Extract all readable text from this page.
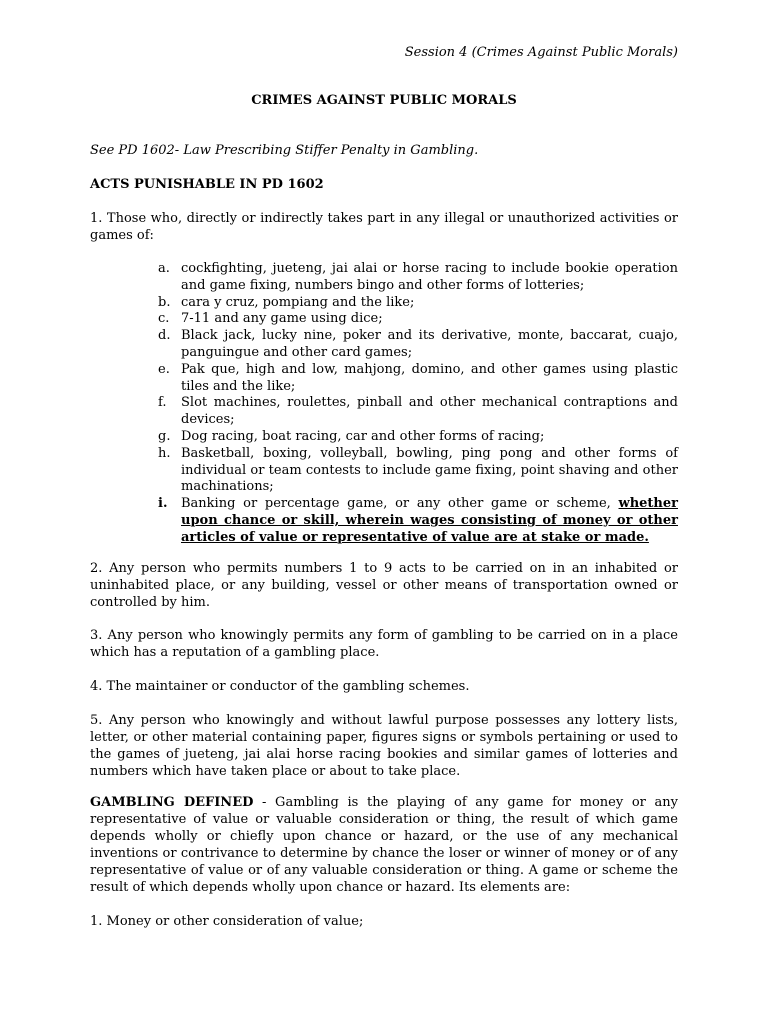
Session 4 (Crimes Against Public Morals)
CRIMES AGAINST PUBLIC MORALS
See PD 1602- Law Prescribing Stiffer Penalty in Gambling.
ACTS PUNISHABLE IN PD 1602
1. Those who, directly or indirectly takes part in any illegal or unauthorized activities or games of:
a. cockfighting, jueteng, jai alai or horse racing to include bookie operation and game fixing, numbers bingo and other forms of lotteries;
b. cara y cruz, pompiang and the like;
c. 7-11 and any game using dice;
d. Black jack, lucky nine, poker and its derivative, monte, baccarat, cuajo, panguingue and other card games;
e. Pak que, high and low, mahjong, domino, and other games using plastic tiles and the like;
f. Slot machines, roulettes, pinball and other mechanical contraptions and devices;
g. Dog racing, boat racing, car and other forms of racing;
h. Basketball, boxing, volleyball, bowling, ping pong and other forms of individual or team contests to include game fixing, point shaving and other machinations;
i. Banking or percentage game, or any other game or scheme, whether upon chance or skill, wherein wages consisting of money or other articles of value or representative of value are at stake or made.
2. Any person who permits numbers 1 to 9 acts to be carried on in an inhabited or uninhabited place, or any building, vessel or other means of transportation owned or controlled by him.
3. Any person who knowingly permits any form of gambling to be carried on in a place which has a reputation of a gambling place.
4. The maintainer or conductor of the gambling schemes.
5. Any person who knowingly and without lawful purpose possesses any lottery lists, letter, or other material containing paper, figures signs or symbols pertaining or used to the games of jueteng, jai alai horse racing bookies and similar games of lotteries and numbers which have taken place or about to take place.
GAMBLING DEFINED - Gambling is the playing of any game for money or any representative of value or valuable consideration or thing, the result of which game depends wholly or chiefly upon chance or hazard, or the use of any mechanical inventions or contrivance to determine by chance the loser or winner of money or of any representative of value or of any valuable consideration or thing. A game or scheme the result of which depends wholly upon chance or hazard. Its elements are:
1. Money or other consideration of value;
